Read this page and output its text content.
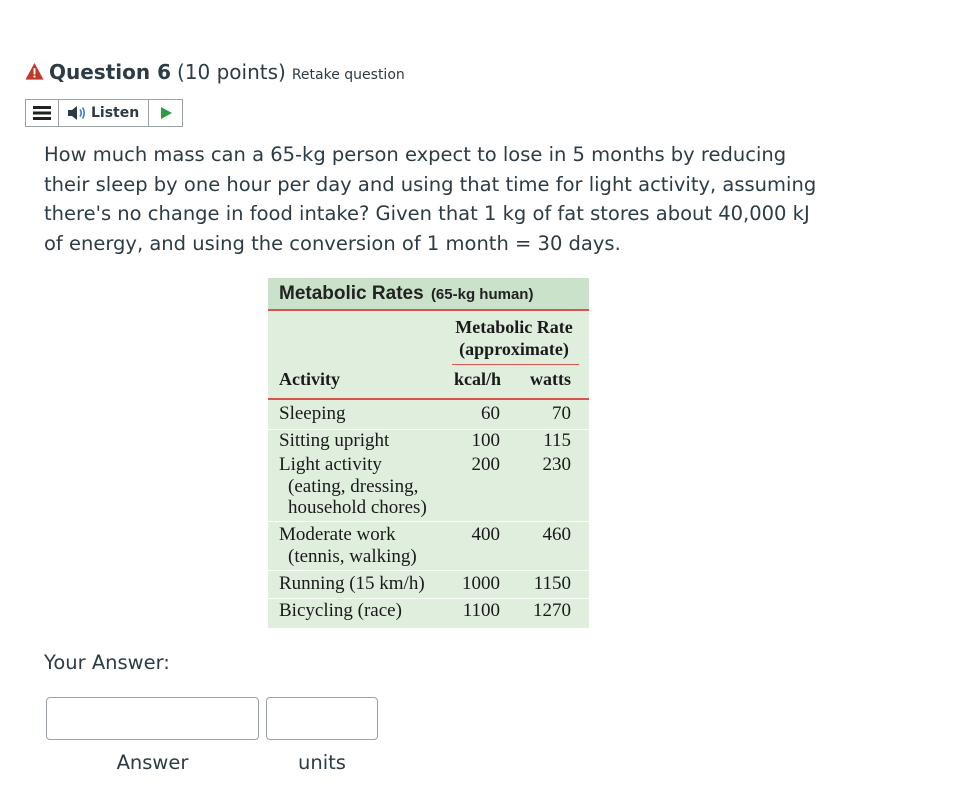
Question 6 (10 points) Retake question
Listen
How much mass can a 65-kg person expect to lose in 5 months by reducing their sleep by one hour per day and using that time for light activity, assuming there's no change in food intake? Given that 1 kg of fat stores about 40,000 kJ of energy, and using the conversion of 1 month = 30 days.
Metabolic Rates (65-kg human)
Metabolic Rate
(approximate)
Activity	kcal/h watts
Sleeping	60	70
Sitting upright	100	115
Light activity
(eating, dressing,
household chores)
200	230
Moderate work
(tennis, walking)
400	460
Running (15 km/h)	1000	1150
Bicycling (race)	1100	1270
Your Answer:
Answer	units
